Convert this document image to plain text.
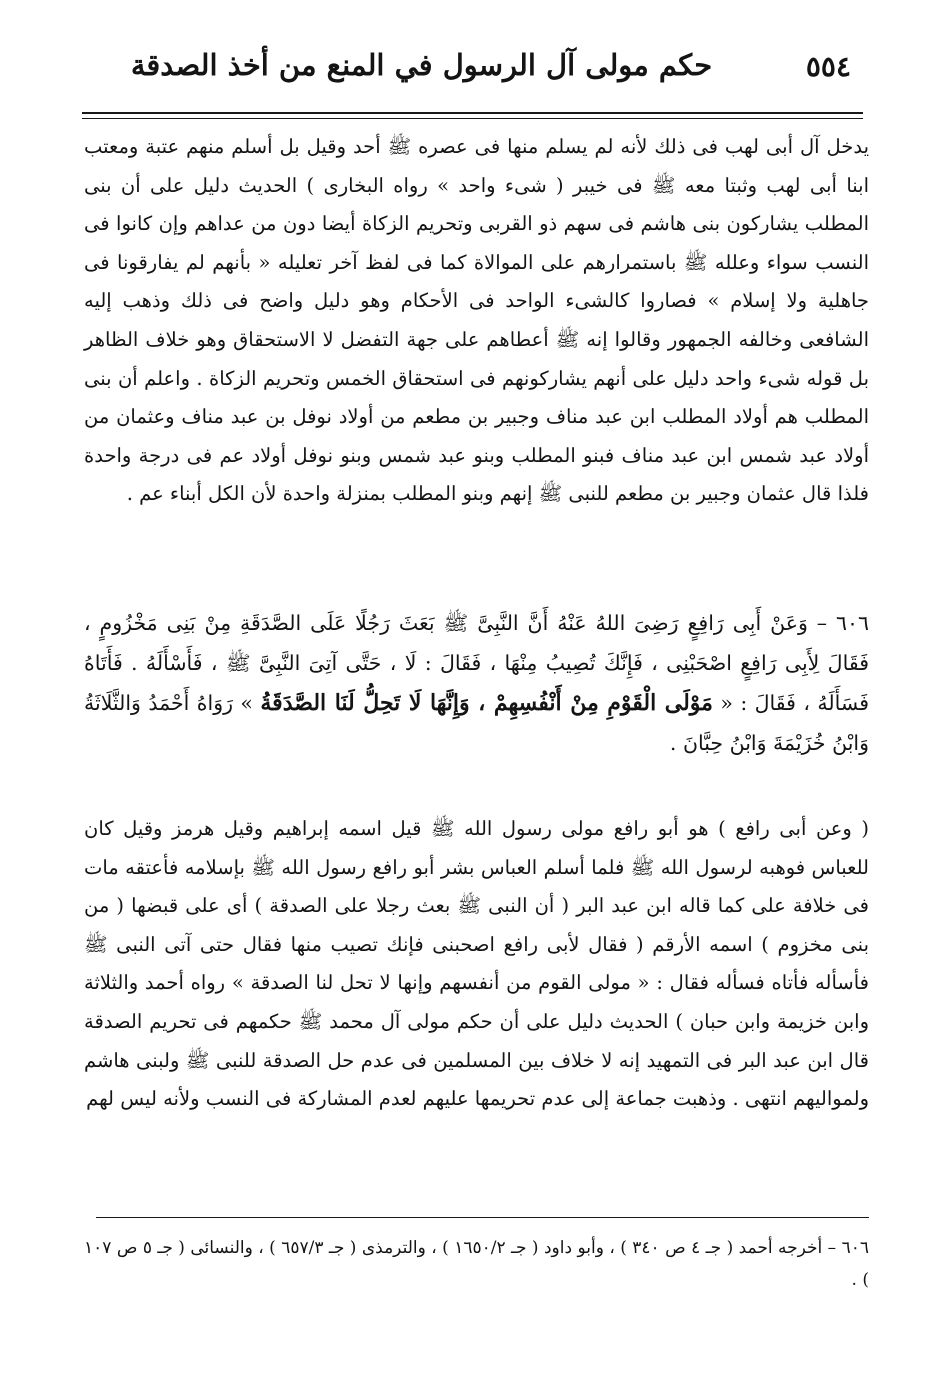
٥٥٤
حكم مولى آل الرسول في المنع من أخذ الصدقة
يدخل آل أبى لهب فى ذلك لأنه لم يسلم منها فى عصره ﷺ أحد وقيل بل أسلم منهم عتبة ومعتب ابنا أبى لهب وثبتا معه ﷺ فى خيبر ( شىء واحد » رواه البخارى ) الحديث دليل على أن بنى المطلب يشاركون بنى هاشم فى سهم ذو القربى وتحريم الزكاة أيضا دون من عداهم وإن كانوا فى النسب سواء وعلله ﷺ باستمرارهم على الموالاة كما فى لفظ آخر تعليله « بأنهم لم يفارقونا فى جاهلية ولا إسلام » فصاروا كالشىء الواحد فى الأحكام وهو دليل واضح فى ذلك وذهب إليه الشافعى وخالفه الجمهور وقالوا إنه ﷺ أعطاهم على جهة التفضل لا الاستحقاق وهو خلاف الظاهر بل قوله شىء واحد دليل على أنهم يشاركونهم فى استحقاق الخمس وتحريم الزكاة . واعلم أن بنى المطلب هم أولاد المطلب ابن عبد مناف وجبير بن مطعم من أولاد نوفل بن عبد مناف وعثمان من أولاد عبد شمس ابن عبد مناف فبنو المطلب وبنو عبد شمس وبنو نوفل أولاد عم فى درجة واحدة فلذا قال عثمان وجبير بن مطعم للنبى ﷺ إنهم وبنو المطلب بمنزلة واحدة لأن الكل أبناء عم .
٦٠٦ – وَعَنْ أَبِى رَافِعٍ رَضِىَ اللهُ عَنْهُ أَنَّ النَّبِىَّ ﷺ بَعَثَ رَجُلًا عَلَى الصَّدَقَةِ مِنْ بَنِى مَخْزُومٍ ، فَقَالَ لِأَبِى رَافِعٍ اصْحَبْنِى ، فَإِنَّكَ تُصِيبُ مِنْهَا ، فَقَالَ : لَا ، حَتَّى آتِىَ النَّبِىَّ ﷺ ، فَأَسْأَلَهُ . فَأَتَاهُ فَسَأَلَهُ ، فَقَالَ : « مَوْلَى الْقَوْمِ مِنْ أَنْفُسِهِمْ ، وَإِنَّهَا لَا تَحِلُّ لَنَا الصَّدَقَةُ » رَوَاهُ أَحْمَدُ وَالثَّلَاثَةُ وَابْنُ خُزَيْمَةَ وَابْنُ حِبَّانَ .
( وعن أبى رافع ) هو أبو رافع مولى رسول الله ﷺ قيل اسمه إبراهيم وقيل هرمز وقيل كان للعباس فوهبه لرسول الله ﷺ فلما أسلم العباس بشر أبو رافع رسول الله ﷺ بإسلامه فأعتقه مات فى خلافة على كما قاله ابن عبد البر ( أن النبى ﷺ بعث رجلا على الصدقة ) أى على قبضها ( من بنى مخزوم ) اسمه الأرقم ( فقال لأبى رافع اصحبنى فإنك تصيب منها فقال حتى آتى النبى ﷺ فأسأله فأتاه فسأله فقال : « مولى القوم من أنفسهم وإنها لا تحل لنا الصدقة » رواه أحمد والثلاثة وابن خزيمة وابن حبان ) الحديث دليل على أن حكم مولى آل محمد ﷺ حكمهم فى تحريم الصدقة قال ابن عبد البر فى التمهيد إنه لا خلاف بين المسلمين فى عدم حل الصدقة للنبى ﷺ ولبنى هاشم ولمواليهم انتهى . وذهبت جماعة إلى عدم تحريمها عليهم لعدم المشاركة فى النسب ولأنه ليس لهم
٦٠٦ – أخرجه أحمد ( جـ ٤ ص ٣٤٠ ) ، وأبو داود ( جـ ١٦٥٠/٢ ) ، والترمذى ( جـ ٦٥٧/٣ ) ، والنسائى ( جـ ٥ ص ١٠٧ ) .
